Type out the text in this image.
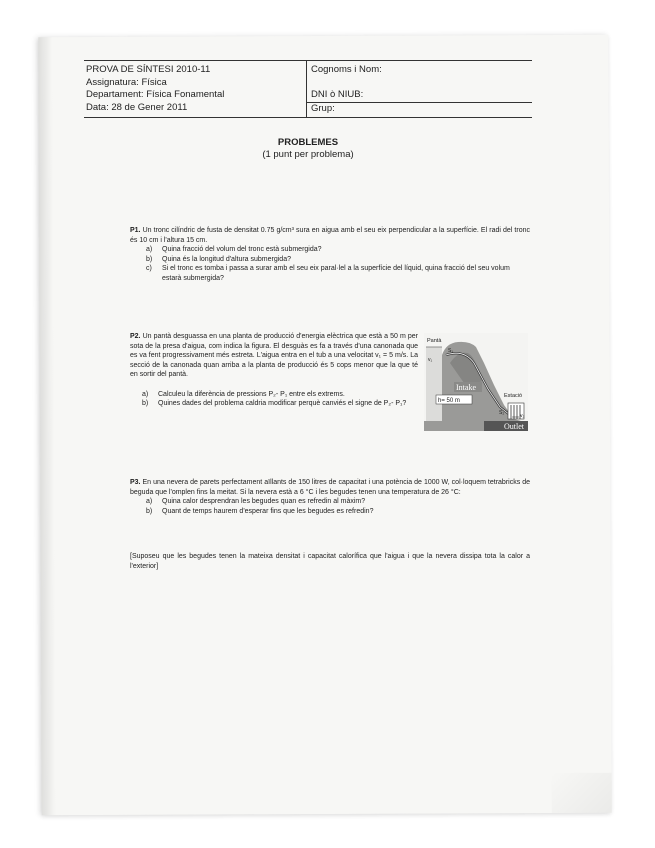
PROVA DE SÍNTESI 2010-11
Assignatura: Física
Departament: Física Fonamental
Data: 28 de Gener 2011
Cognoms i Nom:
DNI ò NIUB:
Grup:
PROBLEMES
(1 punt per problema)
P1. Un tronc cilíndric de fusta de densitat 0.75 g/cm³ sura en aigua amb el seu eix perpendicular a la superfície. El radi del tronc és 10 cm i l'altura 15 cm.
a)	Quina fracció del volum del tronc està submergida?
b)	Quina és la longitud d'altura submergida?
c)	Si el tronc es tomba i passa a surar amb el seu eix paral·lel a la superfície del líquid, quina fracció del seu volum estarà submergida?
P2. Un pantà desguassa en una planta de producció d'energia elèctrica que està a 50 m per sota de la presa d'aigua, com indica la figura. El desguàs es fa a través d'una canonada que es va fent progressivament més estreta. L'aigua entra en el tub a una velocitat v₁ = 5 m/s. La secció de la canonada quan arriba a la planta de producció és 5 cops menor que la que té en sortir del pantà.
a)	Calculeu la diferència de pressions P₂- P₁ entre els extrems.
b)	Quines dades del problema caldria modificar perquè canviés el signe de P₂- P₁?
Intake
h= 50 m
Outlet
Pantà
Estació
S₁
v₁
S₂	v₂
P3. En una nevera de parets perfectament aïllants de 150 litres de capacitat i una potència de 1000 W, col·loquem tetrabricks de beguda que l'omplen fins la meitat. Si la nevera està a 6 °C i les begudes tenen una temperatura de 26 °C:
a)	Quina calor desprendran les begudes quan es refredin al màxim?
b)	Quant de temps haurem d'esperar fins que les begudes es refredin?
[Suposeu que les begudes tenen la mateixa densitat i capacitat calorífica que l'aigua i que la nevera dissipa tota la calor a l'exterior]
